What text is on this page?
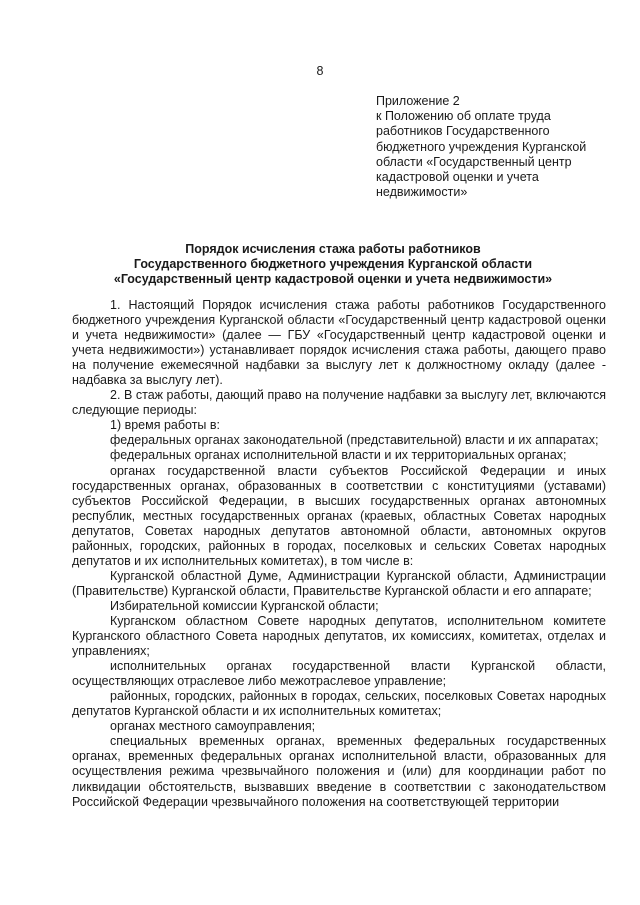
8
Приложение 2
к Положению об оплате труда
работников Государственного
бюджетного учреждения Курганской
области «Государственный центр
кадастровой оценки и учета
недвижимости»
Порядок исчисления стажа работы работников
Государственного бюджетного учреждения Курганской области
«Государственный центр кадастровой оценки и учета недвижимости»

1. Настоящий Порядок исчисления стажа работы работников Государственного бюджетного учреждения Курганской области «Государственный центр кадастровой оценки и учета недвижимости» (далее — ГБУ «Государственный центр кадастровой оценки и учета недвижимости») устанавливает порядок исчисления стажа работы, дающего право на получение ежемесячной надбавки за выслугу лет к должностному окладу (далее - надбавка за выслугу лет).

2. В стаж работы, дающий право на получение надбавки за выслугу лет, включаются следующие периоды:

1) время работы в:

федеральных органах законодательной (представительной) власти и их аппаратах;

федеральных органах исполнительной власти и их территориальных органах;

органах государственной власти субъектов Российской Федерации и иных государственных органах, образованных в соответствии с конституциями (уставами) субъектов Российской Федерации, в высших государственных органах автономных республик, местных государственных органах (краевых, областных Советах народных депутатов, Советах народных депутатов автономной области, автономных округов районных, городских, районных в городах, поселковых и сельских Советах народных депутатов и их исполнительных комитетах), в том числе в:

Курганской областной Думе, Администрации Курганской области, Администрации (Правительстве) Курганской области, Правительстве Курганской области и его аппарате;

Избирательной комиссии Курганской области;

Курганском областном Совете народных депутатов, исполнительном комитете Курганского областного Совета народных депутатов, их комиссиях, комитетах, отделах и управлениях;

исполнительных органах государственной власти Курганской области, осуществляющих отраслевое либо межотраслевое управление;

районных, городских, районных в городах, сельских, поселковых Советах народных депутатов Курганской области и их исполнительных комитетах;

органах местного самоуправления;

специальных временных органах, временных федеральных государственных органах, временных федеральных органах исполнительной власти, образованных для осуществления режима чрезвычайного положения и (или) для координации работ по ликвидации обстоятельств, вызвавших введение в соответствии с законодательством Российской Федерации чрезвычайного положения на соответствующей территории
